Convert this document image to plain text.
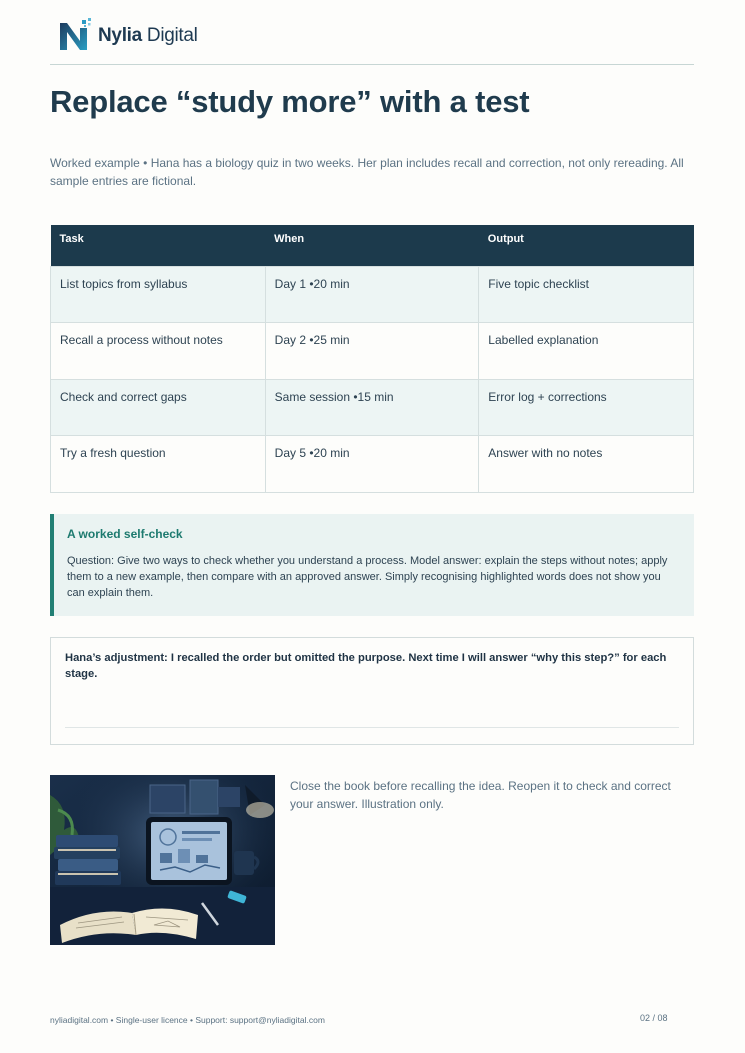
Nylia Digital
Replace “study more” with a test

Worked example • Hana has a biology quiz in two weeks. Her plan includes recall and correction, not only rereading. All sample entries are fictional.

Task	When	Output
List topics from syllabus	Day 1 •20 min	Five topic checklist
Recall a process without notes	Day 2 •25 min	Labelled explanation
Check and correct gaps	Same session •15 min	Error log + corrections
Try a fresh question	Day 5 •20 min	Answer with no notes
A worked self-check

Question: Give two ways to check whether you understand a process. Model answer: explain the steps without notes; apply them to a new example, then compare with an approved answer. Simply recognising highlighted words does not show you can explain them.

Hana’s adjustment: I recalled the order but omitted the purpose. Next time I will answer “why this step?” for each stage.

Close the book before recalling the idea. Reopen it to check and correct your answer. Illustration only.

nyliadigital.com • Single-user licence • Support: support@nyliadigital.com	02 / 08
